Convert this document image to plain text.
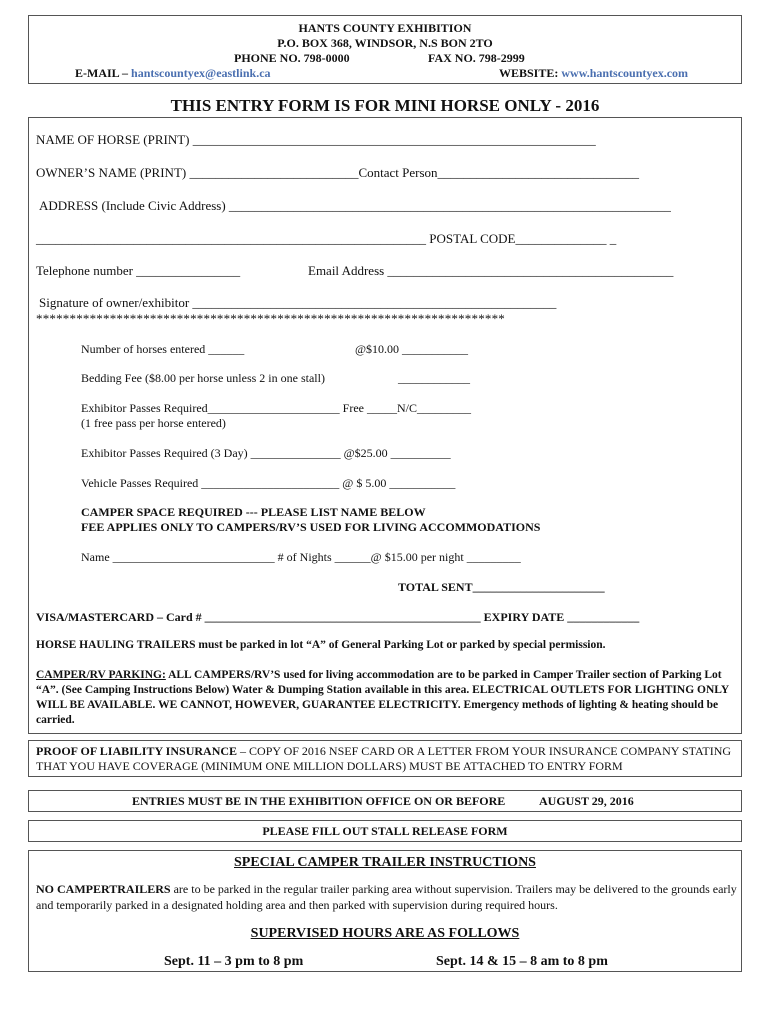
HANTS COUNTY EXHIBITION
P.O. BOX 368, WINDSOR, N.S BON 2TO
PHONE NO. 798-0000	FAX NO. 798-2999
E-MAIL – hantscountyex@eastlink.ca	WEBSITE: www.hantscountyex.com
THIS ENTRY FORM IS FOR MINI HORSE ONLY - 2016
NAME OF HORSE (PRINT) ______________________________________________________________
OWNER’S NAME (PRINT) __________________________Contact Person_______________________________
ADDRESS (Include Civic Address) ____________________________________________________________________
____________________________________________________________ POSTAL CODE______________ _
Telephone number ________________	Email Address ____________________________________________
Signature of owner/exhibitor ________________________________________________________
**********************************************************************
Number of horses entered ______	@$10.00 ___________
Bedding Fee ($8.00 per horse unless 2 in one stall)	____________
Exhibitor Passes Required______________________ Free _____N/C_________
(1 free pass per horse entered)
Exhibitor Passes Required (3 Day) _______________ @$25.00 __________
Vehicle Passes Required _______________________ @ $ 5.00 ___________
CAMPER SPACE REQUIRED --- PLEASE LIST NAME BELOW
FEE APPLIES ONLY TO CAMPERS/RV’S USED FOR LIVING ACCOMMODATIONS
Name ___________________________ # of Nights ______@ $15.00 per night _________
TOTAL SENT______________________
VISA/MASTERCARD – Card # ______________________________________________ EXPIRY DATE ____________
HORSE HAULING TRAILERS must be parked in lot “A” of General Parking Lot or parked by special permission.
CAMPER/RV PARKING: ALL CAMPERS/RV’S used for living accommodation are to be parked in Camper Trailer section of Parking Lot “A”. (See Camping Instructions Below) Water & Dumping Station available in this area. ELECTRICAL OUTLETS FOR LIGHTING ONLY WILL BE AVAILABLE. WE CANNOT, HOWEVER, GUARANTEE ELECTRICITY. Emergency methods of lighting & heating should be carried.
PROOF OF LIABILITY INSURANCE – COPY OF 2016 NSEF CARD OR A LETTER FROM YOUR INSURANCE COMPANY STATING THAT YOU HAVE COVERAGE (MINIMUM ONE MILLION DOLLARS) MUST BE ATTACHED TO ENTRY FORM
ENTRIES MUST BE IN THE EXHIBITION OFFICE ON OR BEFORE	AUGUST 29, 2016
PLEASE FILL OUT STALL RELEASE FORM
SPECIAL CAMPER TRAILER INSTRUCTIONS
NO CAMPERTRAILERS are to be parked in the regular trailer parking area without supervision. Trailers may be delivered to the grounds early and temporarily parked in a designated holding area and then parked with supervision during required hours.
SUPERVISED HOURS ARE AS FOLLOWS
Sept. 11 – 3 pm to 8 pm	Sept. 14 & 15 – 8 am to 8 pm
